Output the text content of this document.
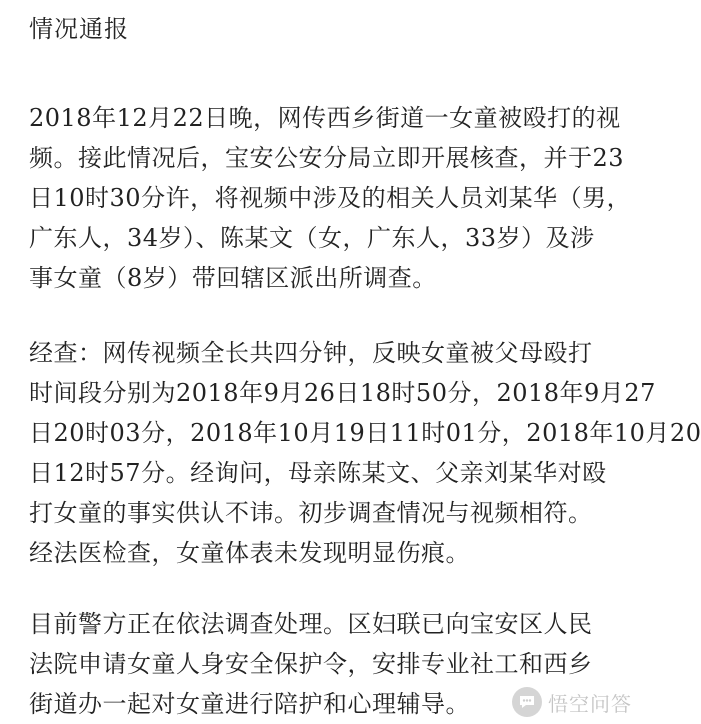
情况通报
2018年12月22日晚，网传西乡街道一女童被殴打的视
频。接此情况后，宝安公安分局立即开展核查，并于23
日10时30分许，将视频中涉及的相关人员刘某华（男，
广东人，34岁）、陈某文（女，广东人，33岁）及涉
事女童（8岁）带回辖区派出所调查。
经查：网传视频全长共四分钟，反映女童被父母殴打
时间段分别为2018年9月26日18时50分，2018年9月27
日20时03分，2018年10月19日11时01分，2018年10月20
日12时57分。经询问，母亲陈某文、父亲刘某华对殴
打女童的事实供认不讳。初步调查情况与视频相符。
经法医检查，女童体表未发现明显伤痕。
目前警方正在依法调查处理。区妇联已向宝安区人民
法院申请女童人身安全保护令，安排专业社工和西乡
街道办一起对女童进行陪护和心理辅导。	悟空问答
